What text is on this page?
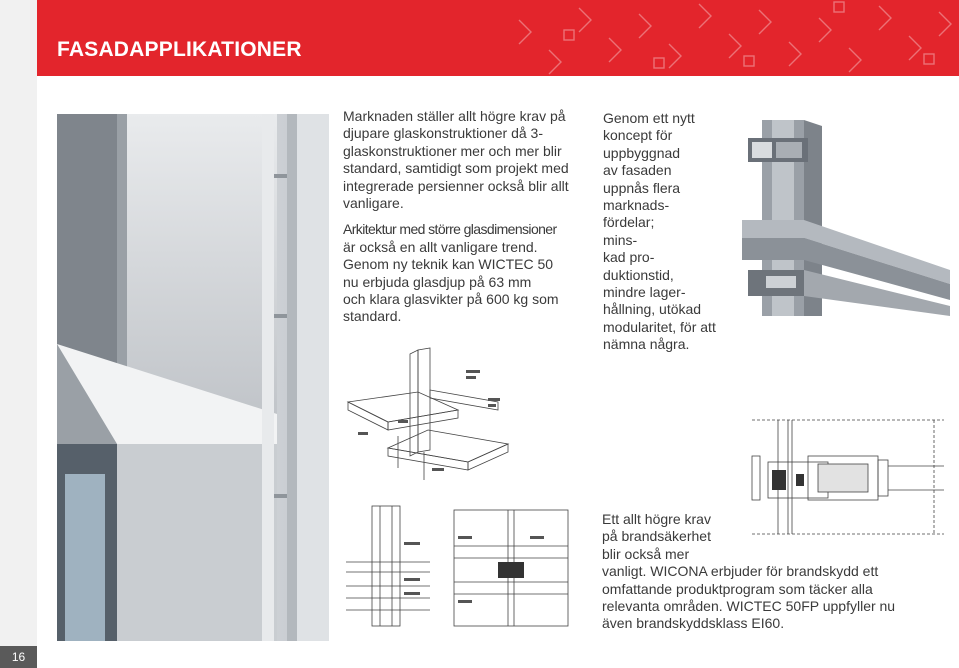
FASADAPPLIKATIONER

Marknaden ställer allt högre krav på djupare glaskonstruktioner då 3-glaskonstruktioner mer och mer blir standard, samtidigt som projekt med integrerade persienner också blir allt vanligare.

Arkitektur med större glasdimensioner
är också en allt vanligare trend.
Genom ny teknik kan WICTEC 50
nu erbjuda glasdjup på 63 mm
och klara glasvikter på 600 kg som
standard.
Genom ett nytt
koncept för
uppbyggnad
av fasaden
uppnås flera
marknads-
fördelar;
mins-
kad pro-
duktionstid,
mindre lager-
hållning, utökad
modularitet, för att
nämna några.
Ett allt högre krav
på brandsäkerhet
blir också mer
vanligt. WICONA erbjuder för brandskydd ett
omfattande produktprogram som täcker alla
relevanta områden. WICTEC 50FP uppfyller nu
även brandskyddsklass EI60.
16
